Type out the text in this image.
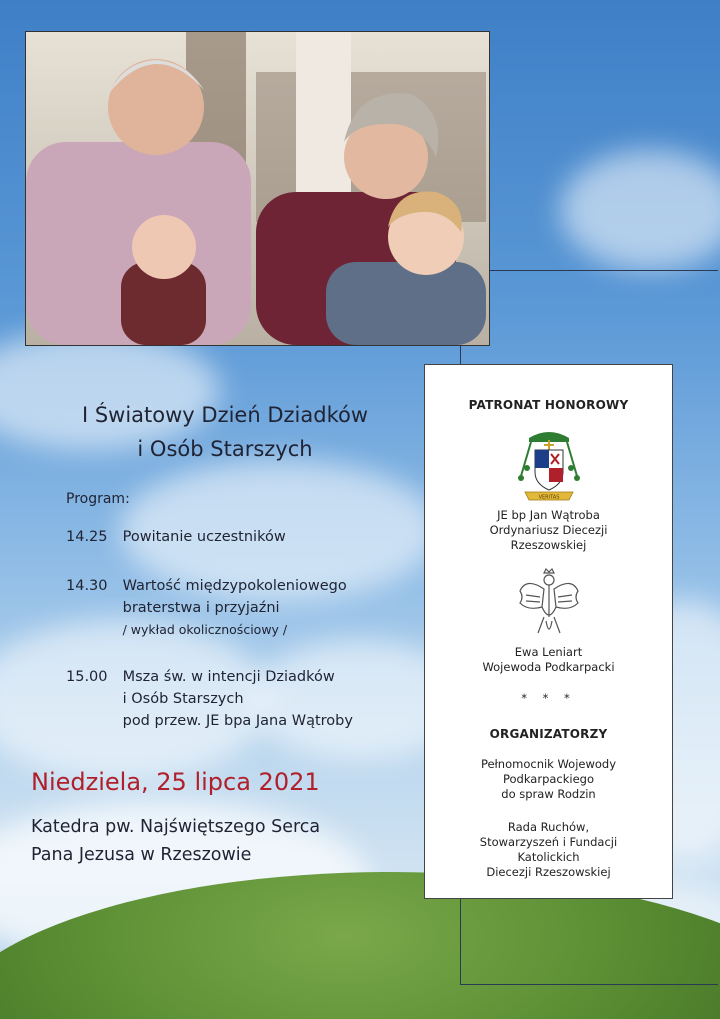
I Światowy Dzień Dziadków
i Osób Starszych
Program:
14.25 Powitanie uczestników
14.30 Wartość międzypokoleniowego
braterstwa i przyjaźni
/ wykład okolicznościowy /
15.00 Msza św. w intencji Dziadków
i Osób Starszych
pod przew. JE bpa Jana Wątroby
Niedziela, 25 lipca 2021
Katedra pw. Najświętszego Serca
Pana Jezusa w Rzeszowie
PATRONAT HONOROWY
VERITAS
JE bp Jan Wątroba
Ordynariusz Diecezji
Rzeszowskiej
Ewa Leniart
Wojewoda Podkarpacki
* * *
ORGANIZATORZY
Pełnomocnik Wojewody
Podkarpackiego
do spraw Rodzin
Rada Ruchów,
Stowarzyszeń i Fundacji
Katolickich
Diecezji Rzeszowskiej
